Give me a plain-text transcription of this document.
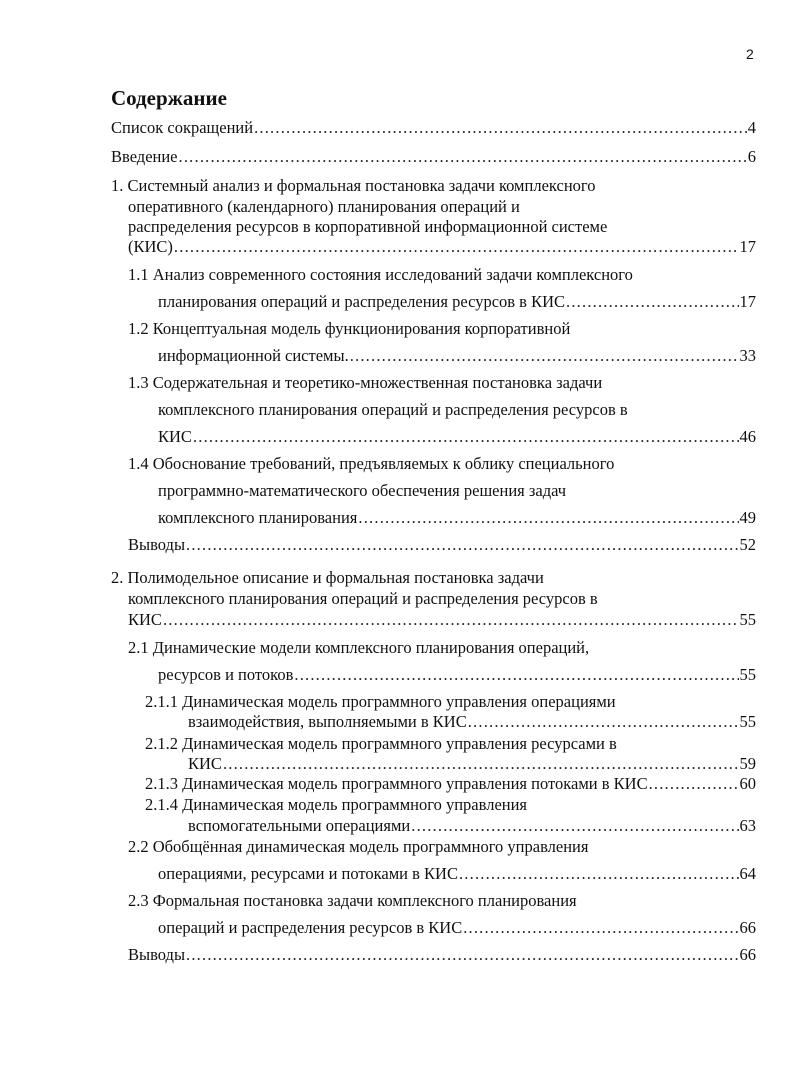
2
Содержание
Список сокращений .....	4
Введение .....	6
1. Системный анализ и формальная постановка задачи комплексного
оперативного (календарного) планирования операций и
распределения ресурсов в корпоративной информационной системе
(КИС) .....	17
1.1 Анализ современного состояния исследований задачи комплексного
планирования операций и распределения ресурсов в КИС .....	17
1.2 Концептуальная модель функционирования корпоративной
информационной системы. .....	33
1.3 Содержательная и теоретико-множественная постановка задачи
комплексного планирования операций и распределения ресурсов в
КИС .....	46
1.4 Обоснование требований, предъявляемых к облику специального
программно-математического обеспечения решения задач
комплексного планирования .....	49
Выводы .....	52
2. Полимодельное описание и формальная постановка задачи
комплексного планирования операций и распределения ресурсов в
КИС .....	55
2.1 Динамические модели комплексного планирования операций,
ресурсов и потоков .....	55
2.1.1 Динамическая модель программного управления операциями
взаимодействия, выполняемыми в КИС .....	55
2.1.2 Динамическая модель программного управления ресурсами в
КИС .....	59
2.1.3 Динамическая модель программного управления потоками в КИС .....	60
2.1.4 Динамическая модель программного управления
вспомогательными операциями .....	63
2.2 Обобщённая динамическая модель программного управления
операциями, ресурсами и потоками в КИС .....	64
2.3 Формальная постановка задачи комплексного планирования
операций и распределения ресурсов в КИС .....	66
Выводы .....	66
